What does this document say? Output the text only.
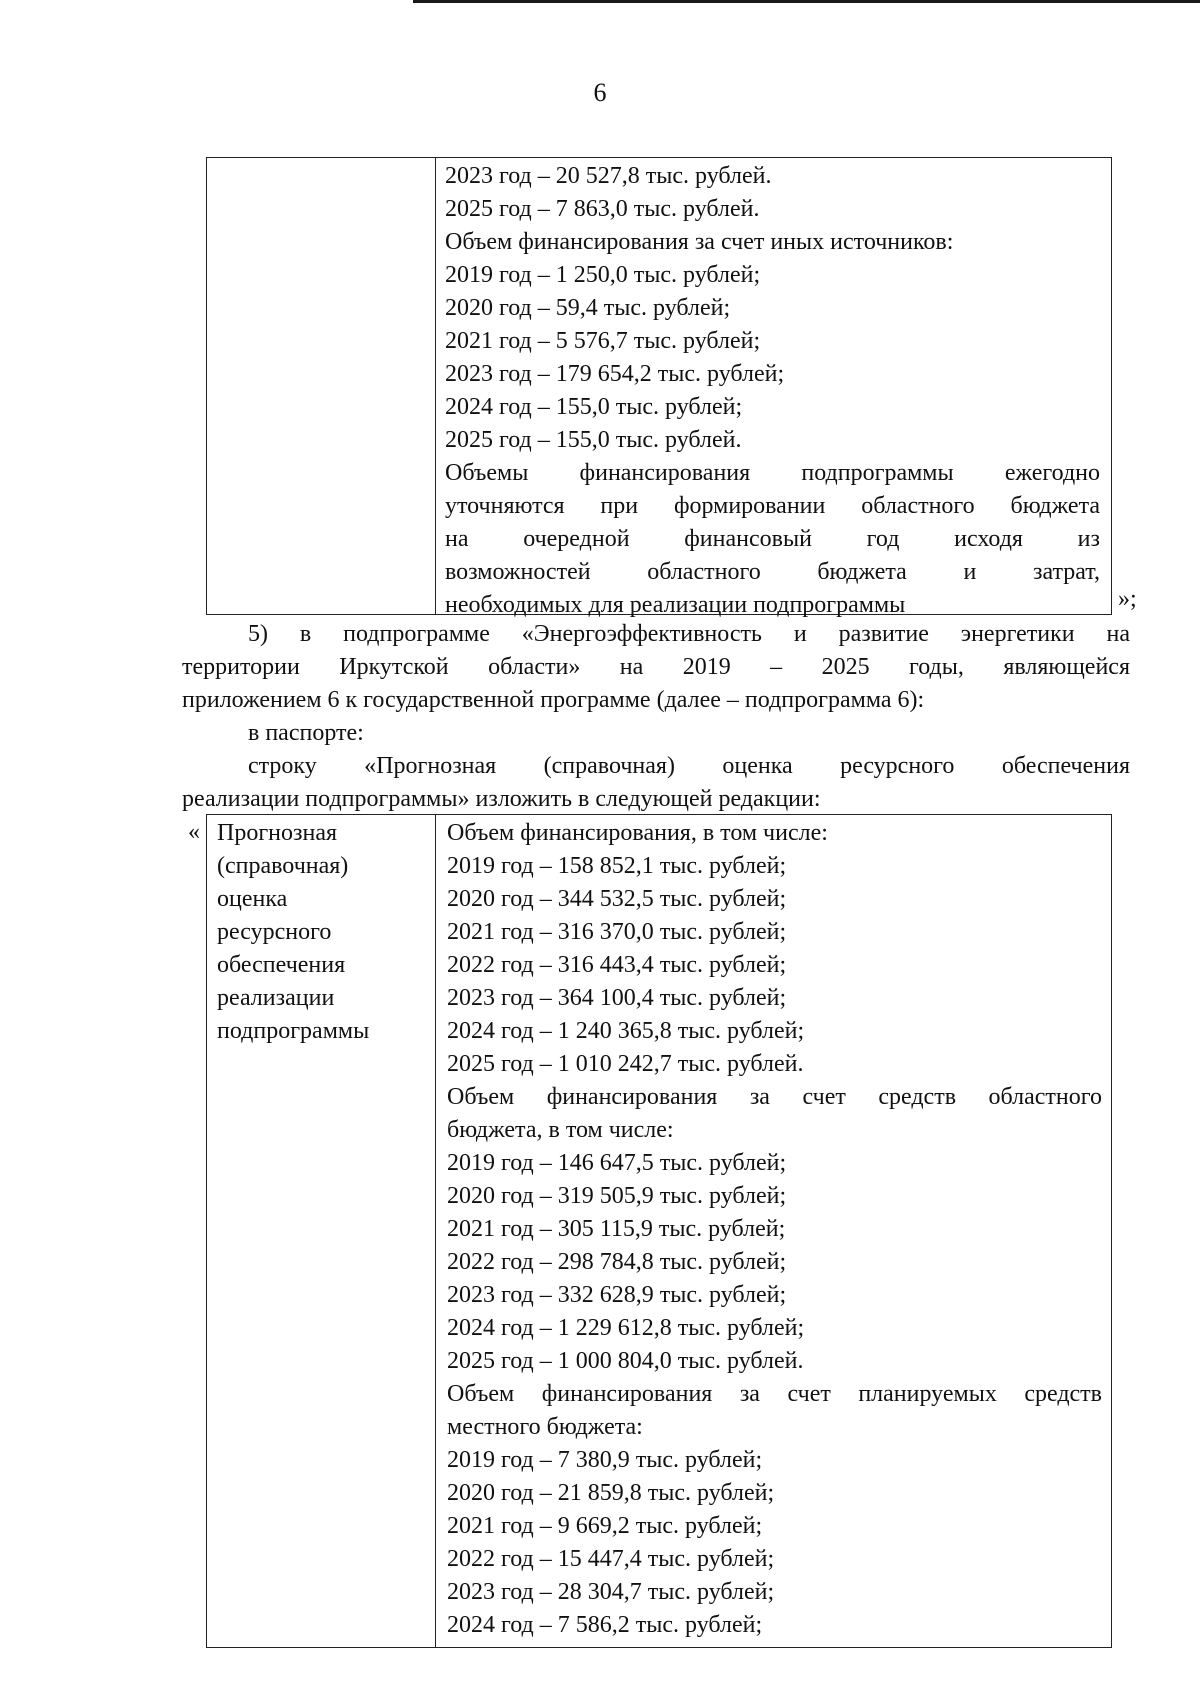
6
2023 год – 20 527,8 тыс. рублей.
2025 год – 7 863,0 тыс. рублей.
Объем финансирования за счет иных источников:
2019 год – 1 250,0 тыс. рублей;
2020 год – 59,4 тыс. рублей;
2021 год – 5 576,7 тыс. рублей;
2023 год – 179 654,2 тыс. рублей;
2024 год – 155,0 тыс. рублей;
2025 год – 155,0 тыс. рублей.
Объемы финансирования подпрограммы ежегодно
уточняются при формировании областного бюджета
на очередной финансовый год исходя из
возможностей областного бюджета и затрат,
необходимых для реализации подпрограммы	»;
5) в подпрограмме «Энергоэффективность и развитие энергетики на
территории Иркутской области» на 2019 – 2025 годы, являющейся
приложением 6 к государственной программе (далее – подпрограмма 6):
в паспорте:
строку «Прогнозная (справочная) оценка ресурсного обеспечения
реализации подпрограммы» изложить в следующей редакции:
« Прогнозная
(справочная)
оценка
ресурсного
обеспечения
реализации
подпрограммы
Объем финансирования, в том числе:
2019 год – 158 852,1 тыс. рублей;
2020 год – 344 532,5 тыс. рублей;
2021 год – 316 370,0 тыс. рублей;
2022 год – 316 443,4 тыс. рублей;
2023 год – 364 100,4 тыс. рублей;
2024 год – 1 240 365,8 тыс. рублей;
2025 год – 1 010 242,7 тыс. рублей.
Объем финансирования за счет средств областного
бюджета, в том числе:
2019 год – 146 647,5 тыс. рублей;
2020 год – 319 505,9 тыс. рублей;
2021 год – 305 115,9 тыс. рублей;
2022 год – 298 784,8 тыс. рублей;
2023 год – 332 628,9 тыс. рублей;
2024 год – 1 229 612,8 тыс. рублей;
2025 год – 1 000 804,0 тыс. рублей.
Объем финансирования за счет планируемых средств
местного бюджета:
2019 год – 7 380,9 тыс. рублей;
2020 год – 21 859,8 тыс. рублей;
2021 год – 9 669,2 тыс. рублей;
2022 год – 15 447,4 тыс. рублей;
2023 год – 28 304,7 тыс. рублей;
2024 год – 7 586,2 тыс. рублей;
